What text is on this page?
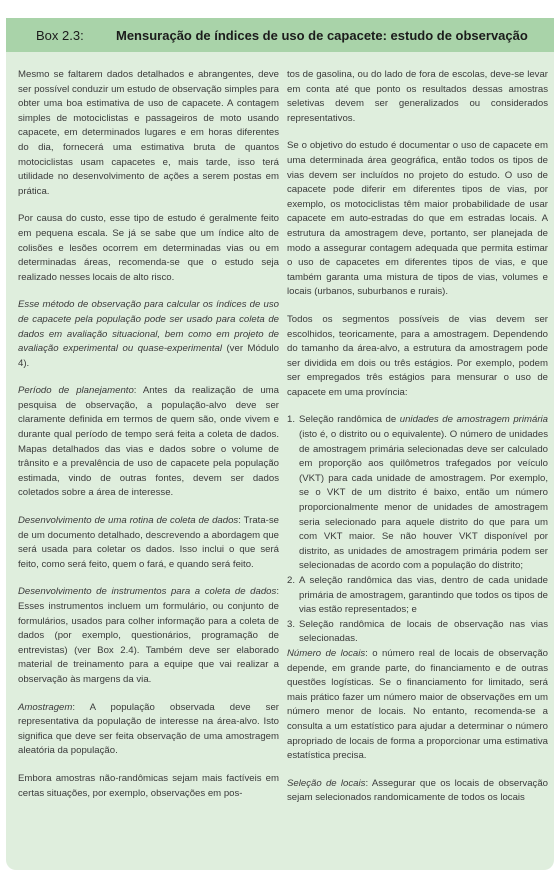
Box 2.3:	Mensuração de índices de uso de capacete: estudo de observação

Mesmo se faltarem dados detalhados e abrangentes, deve ser possível conduzir um estudo de observação simples para obter uma boa estimativa de uso de capacete. A contagem simples de motociclistas e passageiros de moto usando capacete, em determinados lugares e em horas diferentes do dia, fornecerá uma estimativa bruta de quantos motociclistas usam capacetes e, mais tarde, isso terá utilidade no desenvolvimento de ações a serem postas em prática.

Por causa do custo, esse tipo de estudo é geralmente feito em pequena escala. Se já se sabe que um índice alto de colisões e lesões ocorrem em determinadas vias ou em determinadas áreas, recomenda-se que o estudo seja realizado nesses locais de alto risco.

Esse método de observação para calcular os índices de uso de capacete pela população pode ser usado para coleta de dados em avaliação situacional, bem como em projeto de avaliação experimental ou quase-experimental (ver Módulo 4).

Período de planejamento: Antes da realização de uma pesquisa de observação, a população-alvo deve ser claramente definida em termos de quem são, onde vivem e durante qual período de tempo será feita a coleta de dados. Mapas detalhados das vias e dados sobre o volume de trânsito e a prevalência de uso de capacete pela população estimada, vindo de outras fontes, devem ser dados coletados sobre a área de interesse.

Desenvolvimento de uma rotina de coleta de dados: Trata-se de um documento detalhado, descrevendo a abordagem que será usada para coletar os dados. Isso inclui o que será feito, como será feito, quem o fará, e quando será feito.

Desenvolvimento de instrumentos para a coleta de dados: Esses instrumentos incluem um formulário, ou conjunto de formulários, usados para colher informação para a coleta de dados (por exemplo, questionários, programação de entrevistas) (ver Box 2.4). Também deve ser elaborado material de treinamento para a equipe que vai realizar a observação às margens da via.

Amostragem: A população observada deve ser representativa da população de interesse na área-alvo. Isto significa que deve ser feita observação de uma amostragem aleatória da população.

Embora amostras não-randômicas sejam mais factíveis em certas situações, por exemplo, observações em pos-

tos de gasolina, ou do lado de fora de escolas, deve-se levar em conta até que ponto os resultados dessas amostras seletivas devem ser generalizados ou considerados representativos.

Se o objetivo do estudo é documentar o uso de capacete em uma determinada área geográfica, então todos os tipos de vias devem ser incluídos no projeto do estudo. O uso de capacete pode diferir em diferentes tipos de vias, por exemplo, os motociclistas têm maior probabilidade de usar capacete em auto-estradas do que em estradas locais. A estrutura da amostragem deve, portanto, ser planejada de modo a assegurar contagem adequada que permita estimar o uso de capacetes em diferentes tipos de vias, e que também garanta uma mistura de tipos de vias, volumes e locais (urbanos, suburbanos e rurais).

Todos os segmentos possíveis de vias devem ser escolhidos, teoricamente, para a amostragem. Dependendo do tamanho da área-alvo, a estrutura da amostragem pode ser dividida em dois ou três estágios. Por exemplo, podem ser empregados três estágios para mensurar o uso de capacete em uma província:

1. Seleção randômica de unidades de amostragem primária (isto é, o distrito ou o equivalente). O número de unidades de amostragem primária selecionadas deve ser calculado em proporção aos quilômetros trafegados por veículo (VKT) para cada unidade de amostragem. Por exemplo, se o VKT de um distrito é baixo, então um número proporcionalmente menor de unidades de amostragem seria selecionado para aquele distrito do que para um com VKT maior. Se não houver VKT disponível por distrito, as unidades de amostragem primária podem ser selecionadas de acordo com a população do distrito;
2. A seleção randômica das vias, dentro de cada unidade primária de amostragem, garantindo que todos os tipos de vias estão representados; e
3. Seleção randômica de locais de observação nas vias selecionadas.

Número de locais: o número real de locais de observação depende, em grande parte, do financiamento e de outras questões logísticas. Se o financiamento for limitado, será mais prático fazer um número maior de observações em um número menor de locais. No entanto, recomenda-se a consulta a um estatístico para ajudar a determinar o número apropriado de locais de forma a proporcionar uma estimativa estatística precisa.

Seleção de locais: Assegurar que os locais de observação sejam selecionados randomicamente de todos os locais
